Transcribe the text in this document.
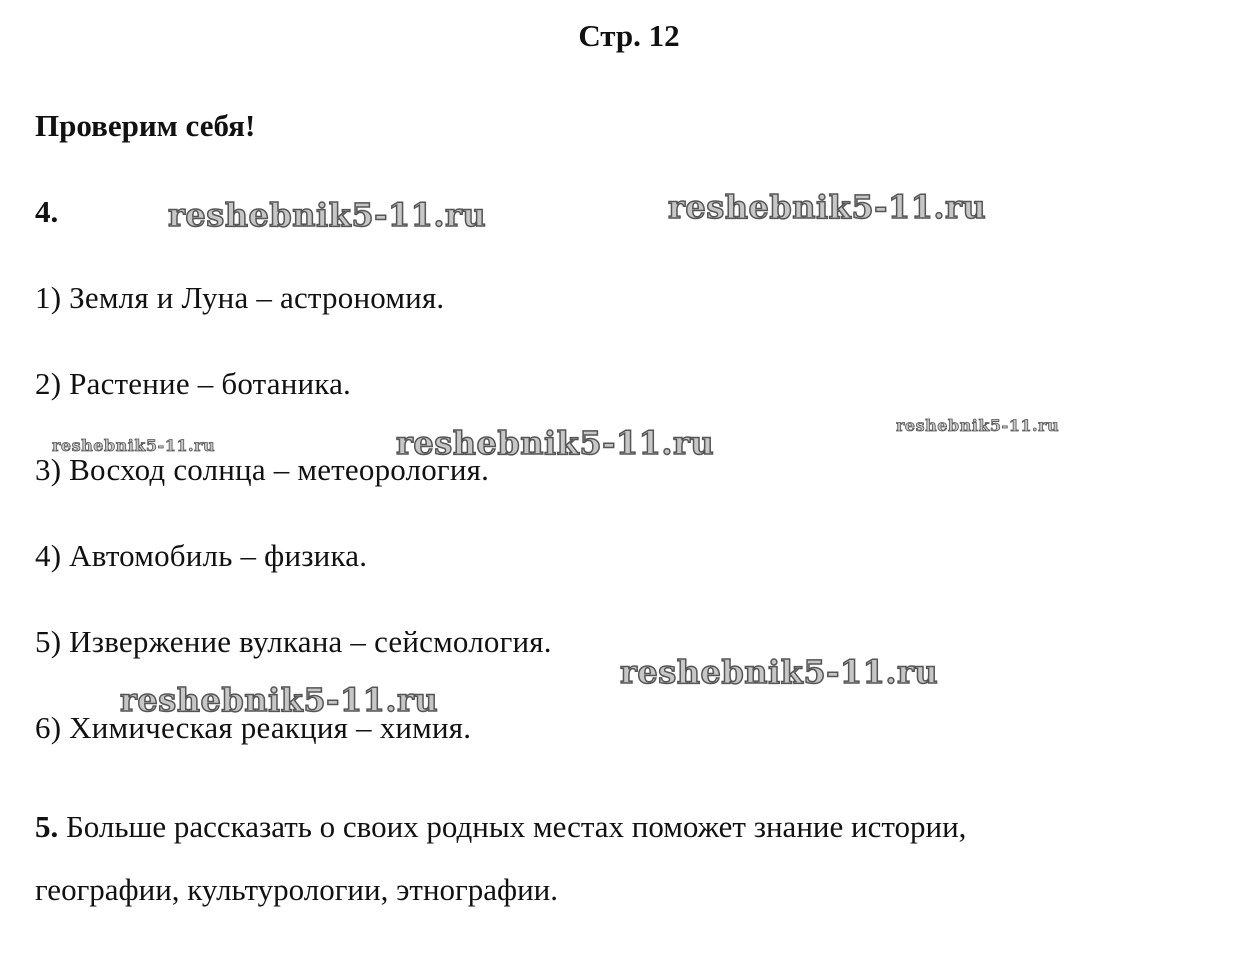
Стр. 12
Проверим себя!
4.
1) Земля и Луна – астрономия.
2) Растение – ботаника.
3) Восход солнца – метеорология.
4) Автомобиль – физика.
5) Извержение вулкана – сейсмология.
6) Химическая реакция – химия.
5. Больше рассказать о своих родных местах поможет знание истории,
географии, культурологии, этнографии.
reshebnik5-11.ru	reshebnik5-11.ru
reshebnik5-11.ru	reshebnik5-11.ru	reshebnik5-11.ru
reshebnik5-11.ru
reshebnik5-11.ru
